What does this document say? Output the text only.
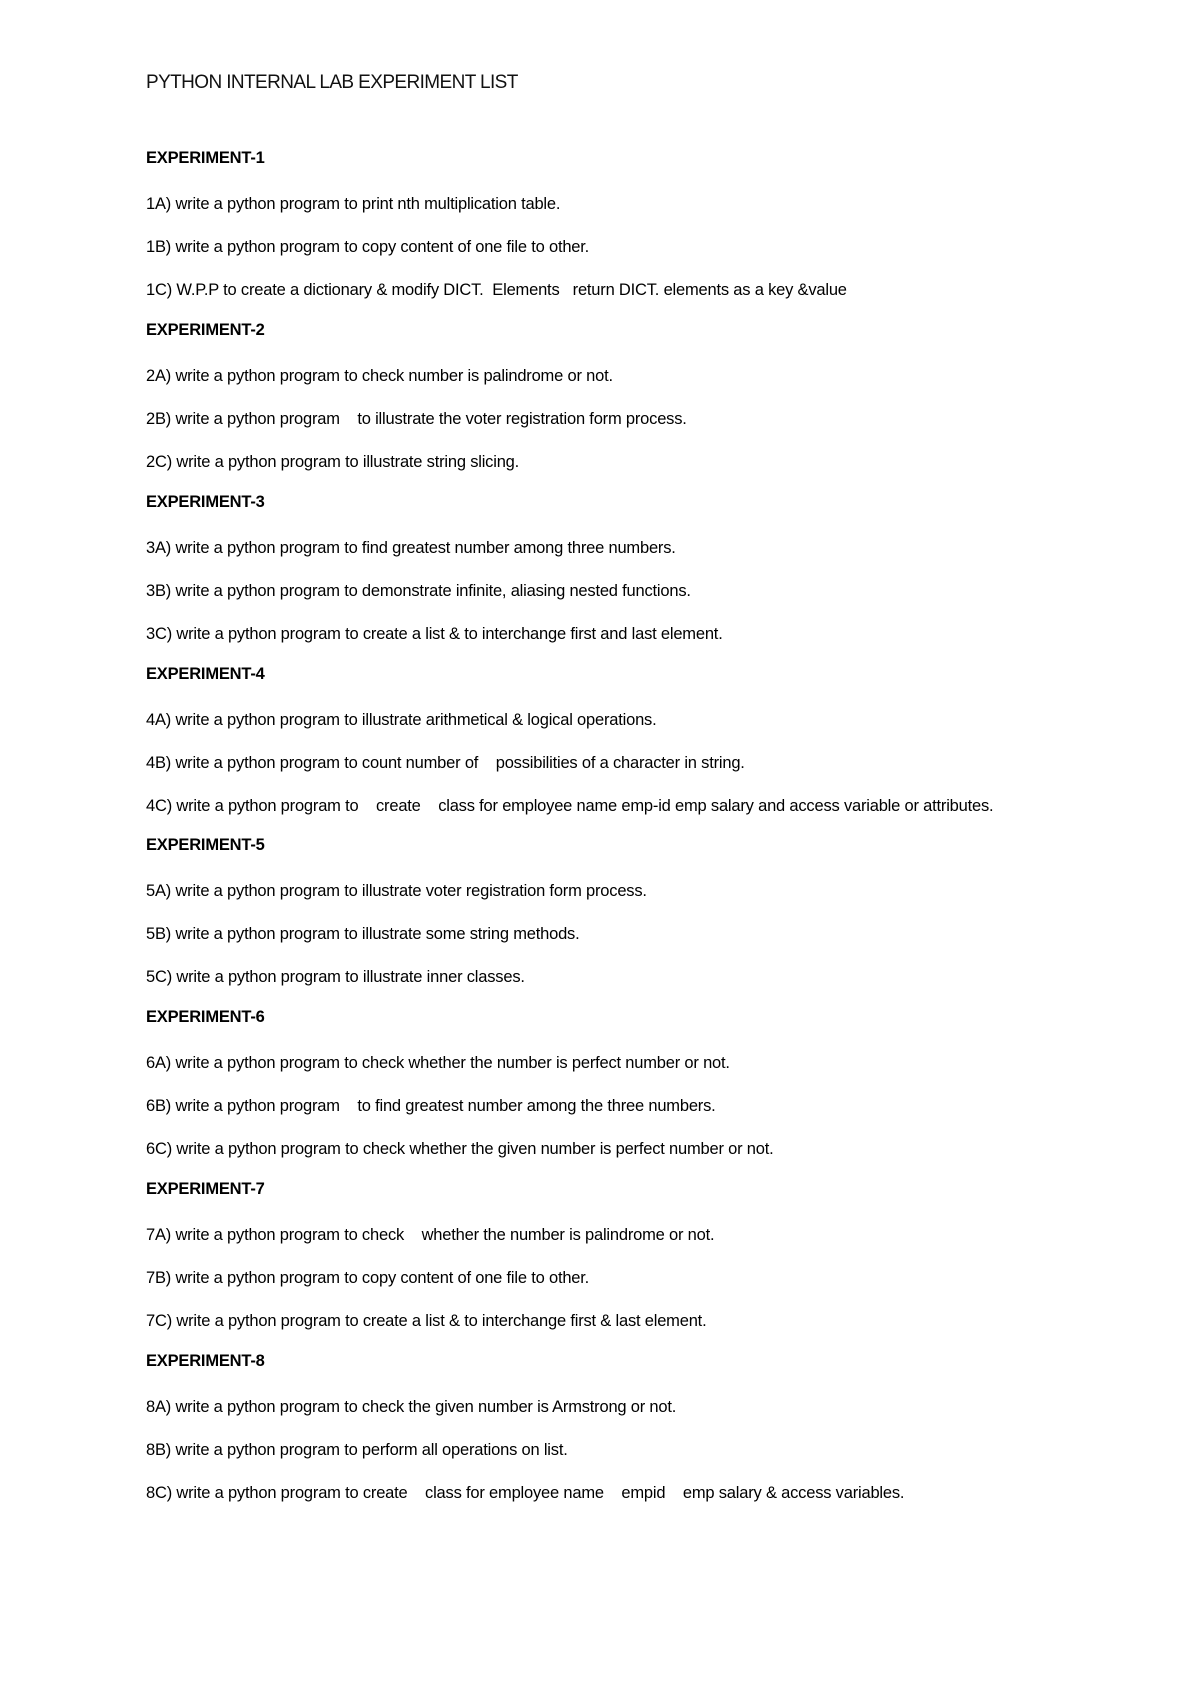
PYTHON INTERNAL LAB EXPERIMENT LIST
EXPERIMENT-1
1A) write a python program to print nth multiplication table.
1B) write a python program to copy content of one file to other.
1C) W.P.P to create a dictionary & modify DICT.  Elements   return DICT. elements as a key &value
EXPERIMENT-2
2A) write a python program to check number is palindrome or not.
2B) write a python program    to illustrate the voter registration form process.
2C) write a python program to illustrate string slicing.
EXPERIMENT-3
3A) write a python program to find greatest number among three numbers.
3B) write a python program to demonstrate infinite, aliasing nested functions.
3C) write a python program to create a list & to interchange first and last element.
EXPERIMENT-4
4A) write a python program to illustrate arithmetical & logical operations.
4B) write a python program to count number of    possibilities of a character in string.
4C) write a python program to    create    class for employee name emp-id emp salary and access variable or attributes.
EXPERIMENT-5
5A) write a python program to illustrate voter registration form process.
5B) write a python program to illustrate some string methods.
5C) write a python program to illustrate inner classes.
EXPERIMENT-6
6A) write a python program to check whether the number is perfect number or not.
6B) write a python program    to find greatest number among the three numbers.
6C) write a python program to check whether the given number is perfect number or not.
EXPERIMENT-7
7A) write a python program to check    whether the number is palindrome or not.
7B) write a python program to copy content of one file to other.
7C) write a python program to create a list & to interchange first & last element.
EXPERIMENT-8
8A) write a python program to check the given number is Armstrong or not.
8B) write a python program to perform all operations on list.
8C) write a python program to create    class for employee name    empid    emp salary & access variables.
